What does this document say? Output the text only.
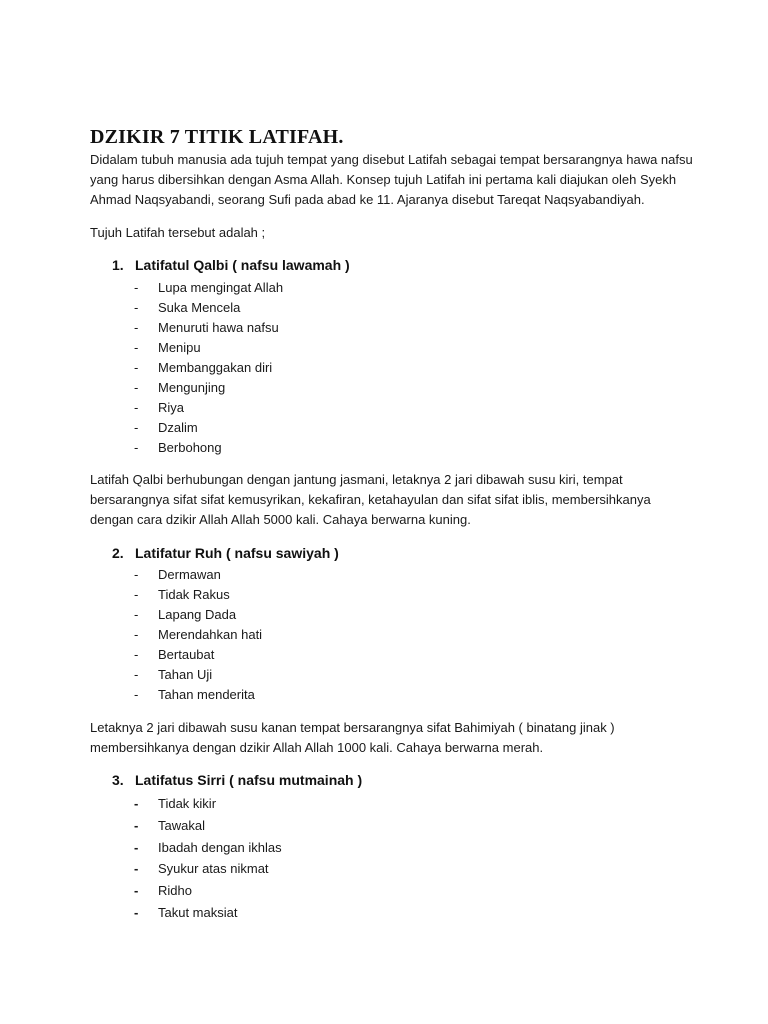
DZIKIR 7 TITIK LATIFAH.
Didalam tubuh manusia ada tujuh tempat yang disebut Latifah sebagai tempat bersarangnya hawa nafsu
yang harus dibersihkan dengan Asma Allah. Konsep tujuh Latifah ini pertama kali diajukan oleh Syekh
Ahmad Naqsyabandi, seorang Sufi pada abad ke 11. Ajaranya disebut Tareqat Naqsyabandiyah.
Tujuh Latifah tersebut adalah ;
1. Latifatul Qalbi ( nafsu lawamah )
-	Lupa mengingat Allah
-	Suka Mencela
-	Menuruti hawa nafsu
-	Menipu
-	Membanggakan diri
-	Mengunjing
-	Riya
-	Dzalim
-	Berbohong
Latifah Qalbi berhubungan dengan jantung jasmani, letaknya 2 jari dibawah susu kiri, tempat
bersarangnya sifat sifat kemusyrikan, kekafiran, ketahayulan dan sifat sifat iblis, membersihkanya
dengan cara dzikir Allah Allah 5000 kali. Cahaya berwarna kuning.
2. Latifatur Ruh ( nafsu sawiyah )
-	Dermawan
-	Tidak Rakus
-	Lapang Dada
-	Merendahkan hati
-	Bertaubat
-	Tahan Uji
-	Tahan menderita
Letaknya 2 jari dibawah susu kanan tempat bersarangnya sifat Bahimiyah ( binatang jinak )
membersihkanya dengan dzikir Allah Allah 1000 kali. Cahaya berwarna merah.
3. Latifatus Sirri ( nafsu mutmainah )
-	Tidak kikir
-	Tawakal
-	Ibadah dengan ikhlas
-	Syukur atas nikmat
-	Ridho
-	Takut maksiat
